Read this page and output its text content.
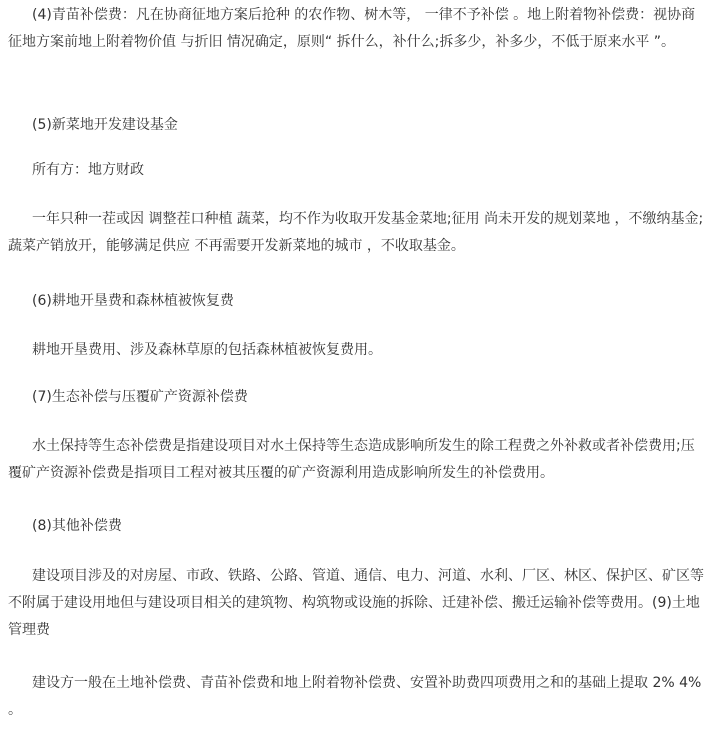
(4)青苗补偿费：凡在协商征地方案后抢种 的农作物、树木等， 一律不予补偿 。地上附着物补偿费：视协商征地方案前地上附着物价值 与折旧 情况确定，原则“ 拆什么，补什么;拆多少，补多少，不低于原来水平 ”。

(5)新菜地开发建设基金

所有方：地方财政

一年只种一茬或因 调整茬口种植 蔬菜，均不作为收取开发基金菜地;征用 尚未开发的规划菜地 ，不缴纳基金;蔬菜产销放开，能够满足供应 不再需要开发新菜地的城市 ，不收取基金。

(6)耕地开垦费和森林植被恢复费

耕地开垦费用、涉及森林草原的包括森林植被恢复费用。

(7)生态补偿与压覆矿产资源补偿费

水土保持等生态补偿费是指建设项目对水土保持等生态造成影响所发生的除工程费之外补救或者补偿费用;压覆矿产资源补偿费是指项目工程对被其压覆的矿产资源利用造成影响所发生的补偿费用。

(8)其他补偿费

建设项目涉及的对房屋、市政、铁路、公路、管道、通信、电力、河道、水利、厂区、林区、保护区、矿区等不附属于建设用地但与建设项目相关的建筑物、构筑物或设施的拆除、迁建补偿、搬迁运输补偿等费用。(9)土地管理费

建设方一般在土地补偿费、青苗补偿费和地上附着物补偿费、安置补助费四项费用之和的基础上提取 2% 4% 。
